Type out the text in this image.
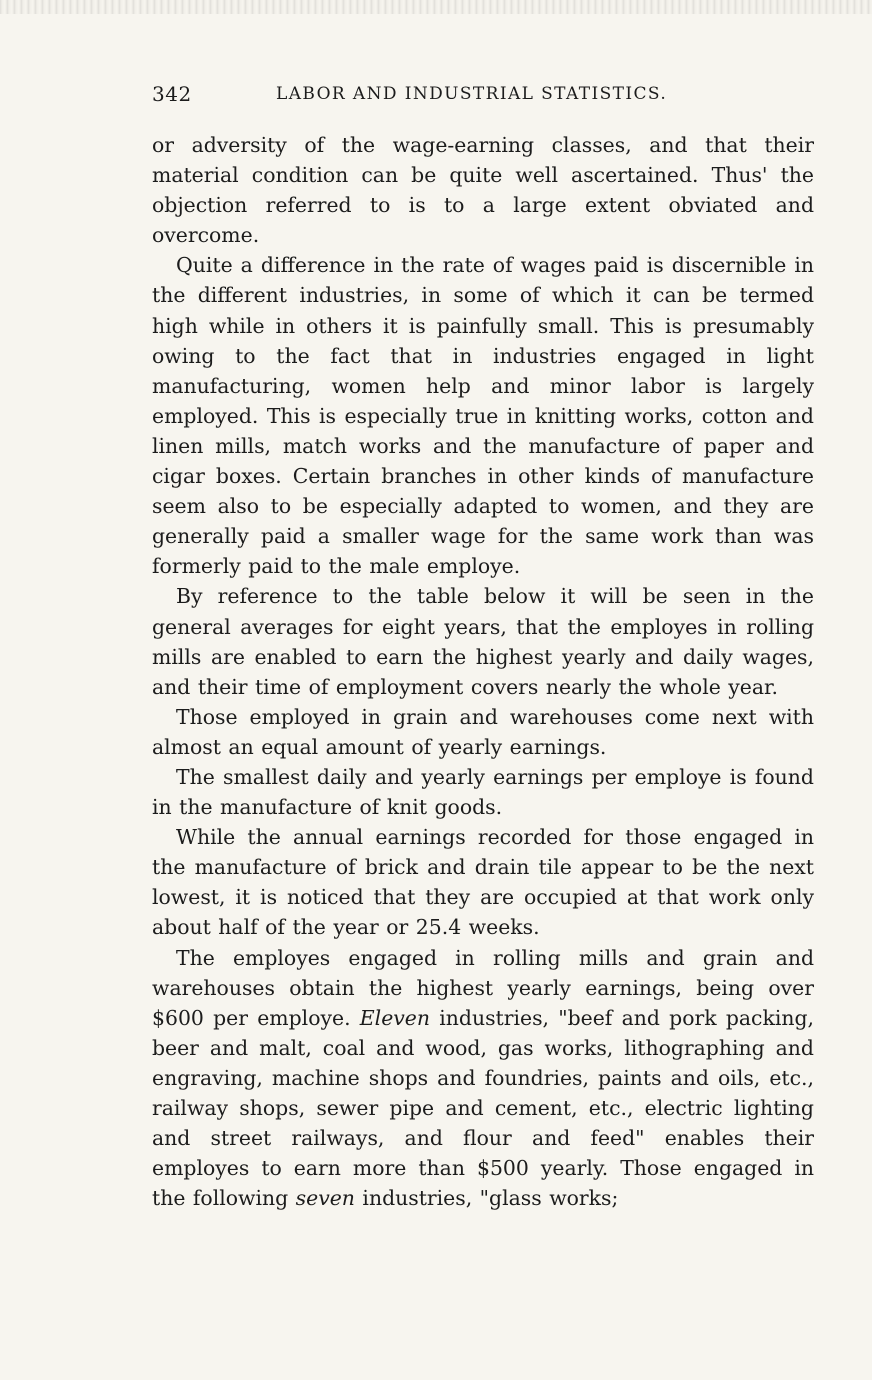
342	LABOR AND INDUSTRIAL STATISTICS.

or adversity of the wage-earning classes, and that their material condition can be quite well ascertained. Thus' the objection referred to is to a large extent obviated and overcome.

Quite a difference in the rate of wages paid is discernible in the different industries, in some of which it can be termed high while in others it is painfully small. This is presumably owing to the fact that in industries engaged in light manufacturing, women help and minor labor is largely employed. This is especially true in knitting works, cotton and linen mills, match works and the manufacture of paper and cigar boxes. Certain branches in other kinds of manufacture seem also to be especially adapted to women, and they are generally paid a smaller wage for the same work than was formerly paid to the male employe.

By reference to the table below it will be seen in the general averages for eight years, that the employes in rolling mills are enabled to earn the highest yearly and daily wages, and their time of employment covers nearly the whole year.

Those employed in grain and warehouses come next with almost an equal amount of yearly earnings.

The smallest daily and yearly earnings per employe is found in the manufacture of knit goods.

While the annual earnings recorded for those engaged in the manufacture of brick and drain tile appear to be the next lowest, it is noticed that they are occupied at that work only about half of the year or 25.4 weeks.

The employes engaged in rolling mills and grain and warehouses obtain the highest yearly earnings, being over $600 per employe. Eleven industries, "beef and pork packing, beer and malt, coal and wood, gas works, lithographing and engraving, machine shops and foundries, paints and oils, etc., railway shops, sewer pipe and cement, etc., electric lighting and street railways, and flour and feed" enables their employes to earn more than $500 yearly. Those engaged in the following seven industries, "glass works;
